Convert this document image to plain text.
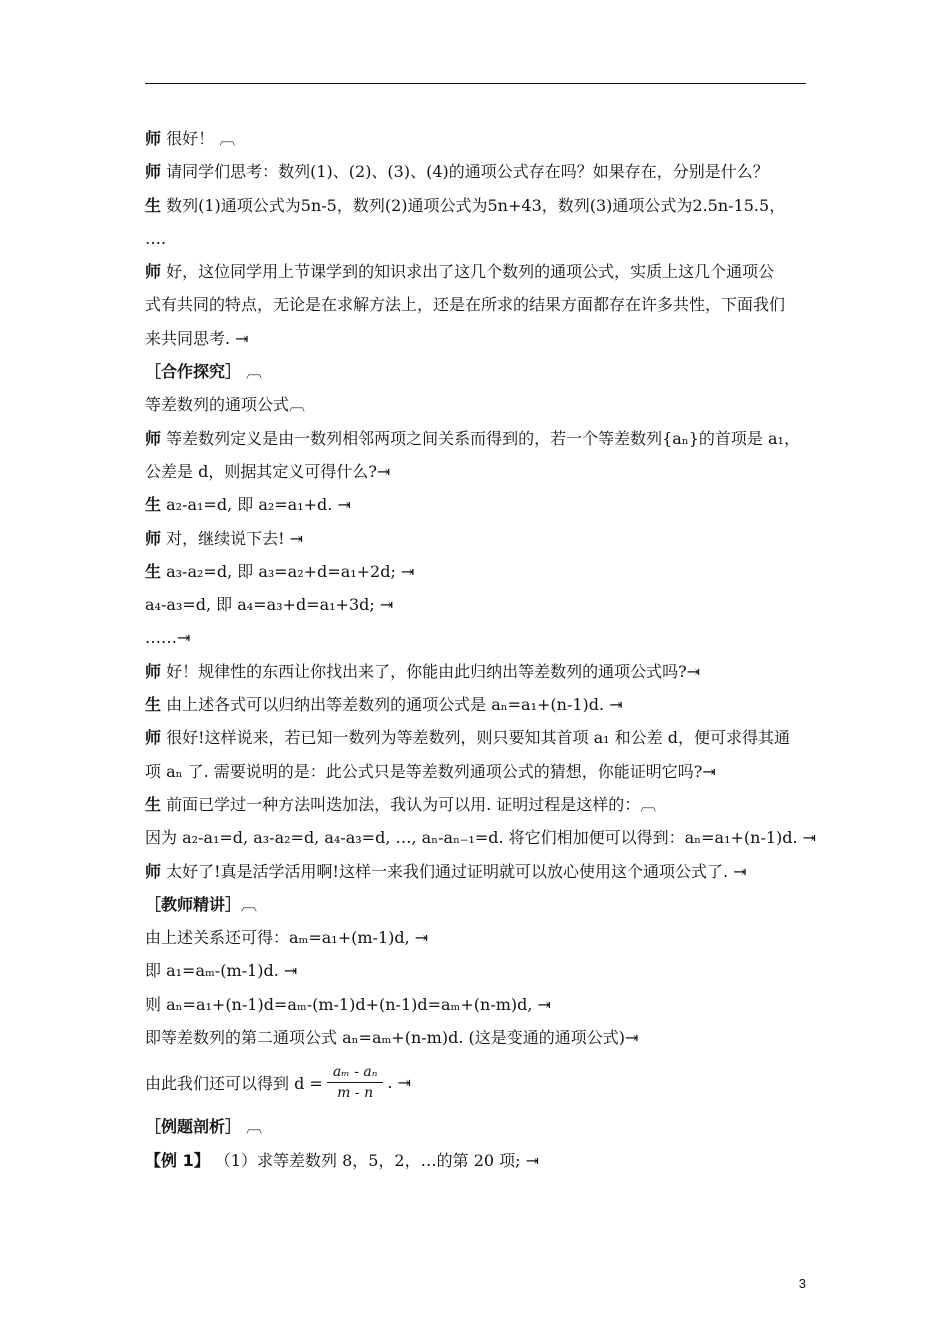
师 很好！ ︹
师 请同学们思考：数列(1)、(2)、(3)、(4)的通项公式存在吗？如果存在，分别是什么？
生 数列(1)通项公式为5n-5，数列(2)通项公式为5n+43，数列(3)通项公式为2.5n-15.5，
….
师 好，这位同学用上节课学到的知识求出了这几个数列的通项公式，实质上这几个通项公
式有共同的特点，无论是在求解方法上，还是在所求的结果方面都存在许多共性，下面我们
来共同思考. ⇥
［合作探究］ ︹
等差数列的通项公式︹
师 等差数列定义是由一数列相邻两项之间关系而得到的，若一个等差数列{aₙ}的首项是 a₁，
公差是 d，则据其定义可得什么?⇥
生 a₂-a₁=d, 即 a₂=a₁+d. ⇥
师 对，继续说下去! ⇥
生 a₃-a₂=d, 即 a₃=a₂+d=a₁+2d; ⇥
a₄-a₃=d, 即 a₄=a₃+d=a₁+3d; ⇥
……⇥
师 好！规律性的东西让你找出来了，你能由此归纳出等差数列的通项公式吗?⇥
生 由上述各式可以归纳出等差数列的通项公式是 aₙ=a₁+(n-1)d. ⇥
师 很好!这样说来，若已知一数列为等差数列，则只要知其首项 a₁ 和公差 d，便可求得其通
项 aₙ 了. 需要说明的是：此公式只是等差数列通项公式的猜想，你能证明它吗?⇥
生 前面已学过一种方法叫迭加法，我认为可以用. 证明过程是这样的：︹
因为 a₂-a₁=d, a₃-a₂=d, a₄-a₃=d, …, aₙ-aₙ₋₁=d. 将它们相加便可以得到：aₙ=a₁+(n-1)d. ⇥
师 太好了!真是活学活用啊!这样一来我们通过证明就可以放心使用这个通项公式了. ⇥
［教师精讲］︹
由上述关系还可得：aₘ=a₁+(m-1)d, ⇥
即 a₁=aₘ-(m-1)d. ⇥
则 aₙ=a₁+(n-1)d=aₘ-(m-1)d+(n-1)d=aₘ+(n-m)d, ⇥
即等差数列的第二通项公式 aₙ=aₘ+(n-m)d. (这是变通的通项公式)⇥
由此我们还可以得到 $d = \frac{\text{aₘ - aₙ}}{m - n}$ . ⇥
［例题剖析］ ︹
【例 1】 （1）求等差数列 8，5，2，…的第 20 项; ⇥
3
